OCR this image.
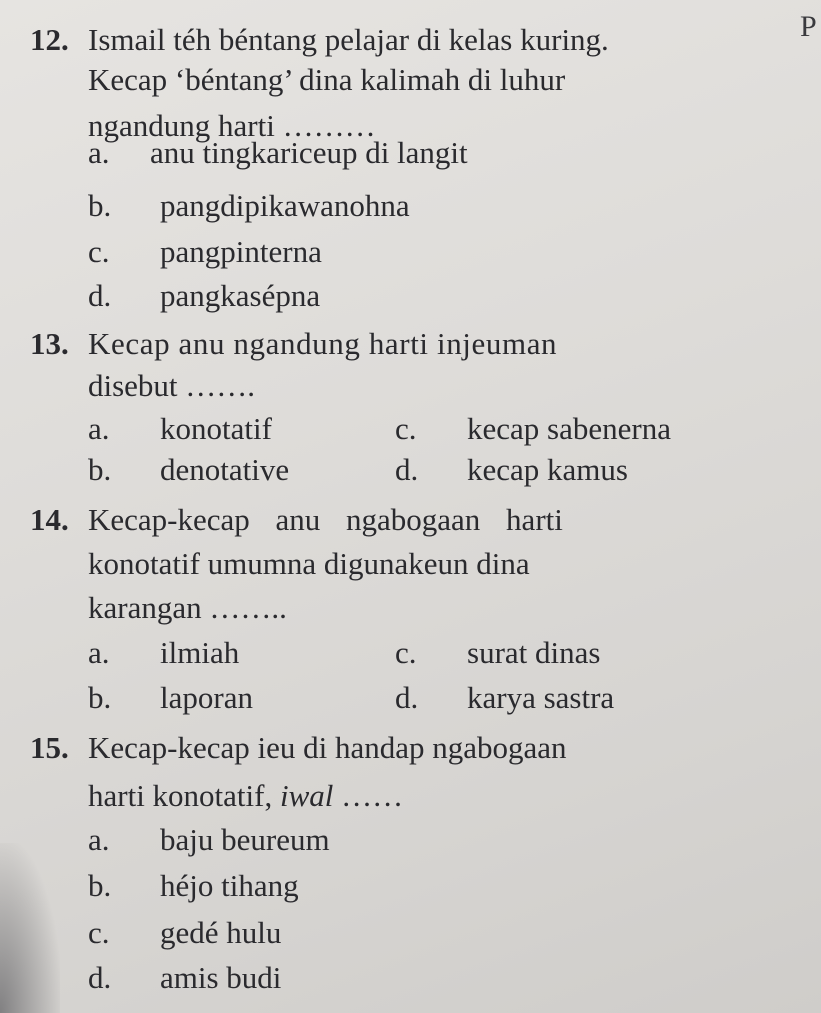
P
12. Ismail téh béntang pelajar di kelas kuring.
Kecap ‘béntang’ dina kalimah di luhur
ngandung harti ………
a. anu tingkariceup di langit
b. pangdipikawanohna
c. pangpinterna
d. pangkasépna
13. Kecap anu ngandung harti injeuman
disebut …….
a. konotatif
b. denotative
c. kecap sabenerna
d. kecap kamus
14. Kecap-kecap anu ngabogaan harti
konotatif umumna digunakeun dina
karangan ……..
a. ilmiah
b. laporan
c. surat dinas
d. karya sastra
15. Kecap-kecap ieu di handap ngabogaan
harti konotatif, iwal ……
a. baju beureum
b. héjo tihang
c. gedé hulu
d. amis budi
